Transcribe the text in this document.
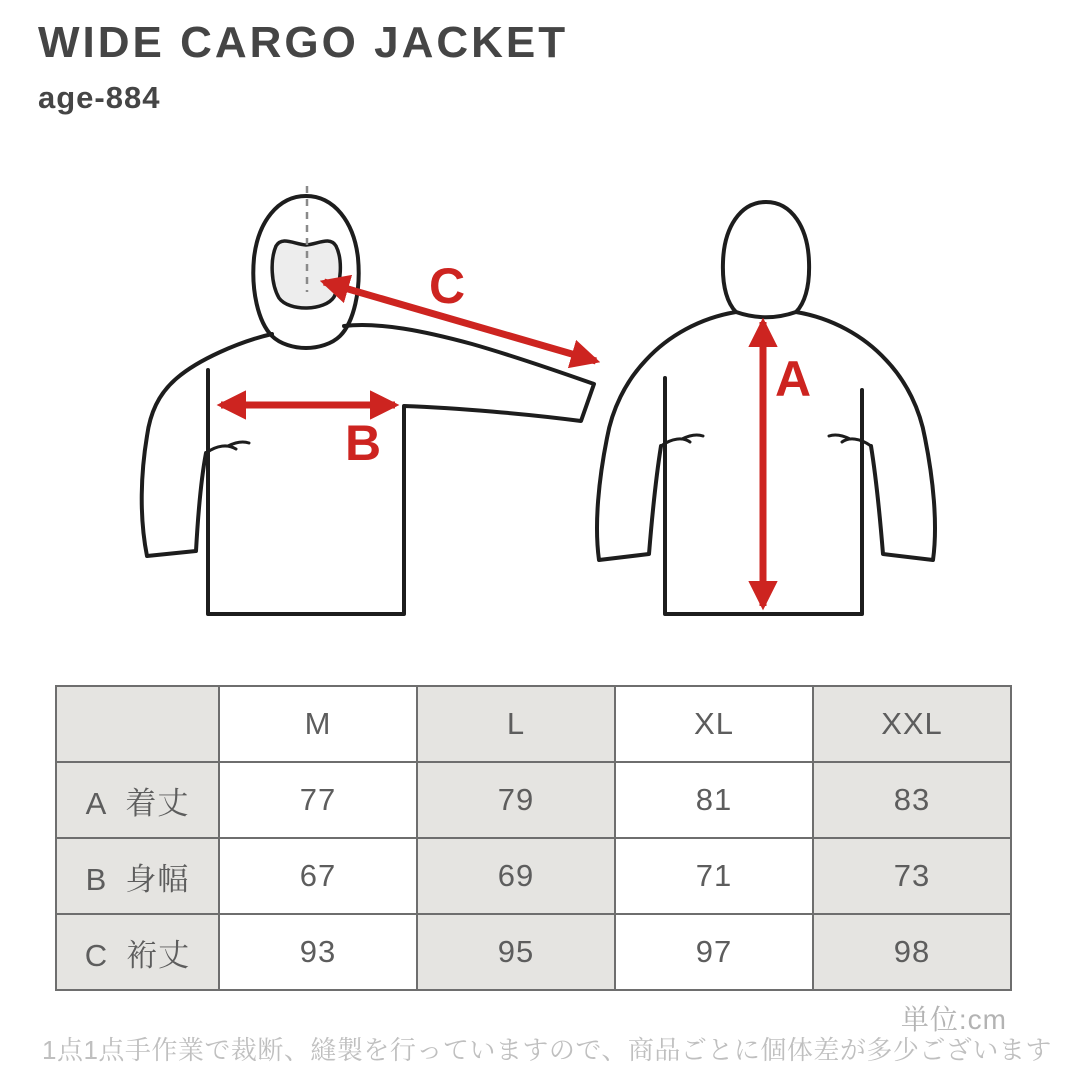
WIDE CARGO JACKET
age-884
C
B
A
	M	L	XL	XXL
A 着丈	77	79	81	83
B 身幅	67	69	71	73
C 裄丈	93	95	97	98
単位:cm
1点1点手作業で裁断、縫製を行っていますので、商品ごとに個体差が多少ございます
